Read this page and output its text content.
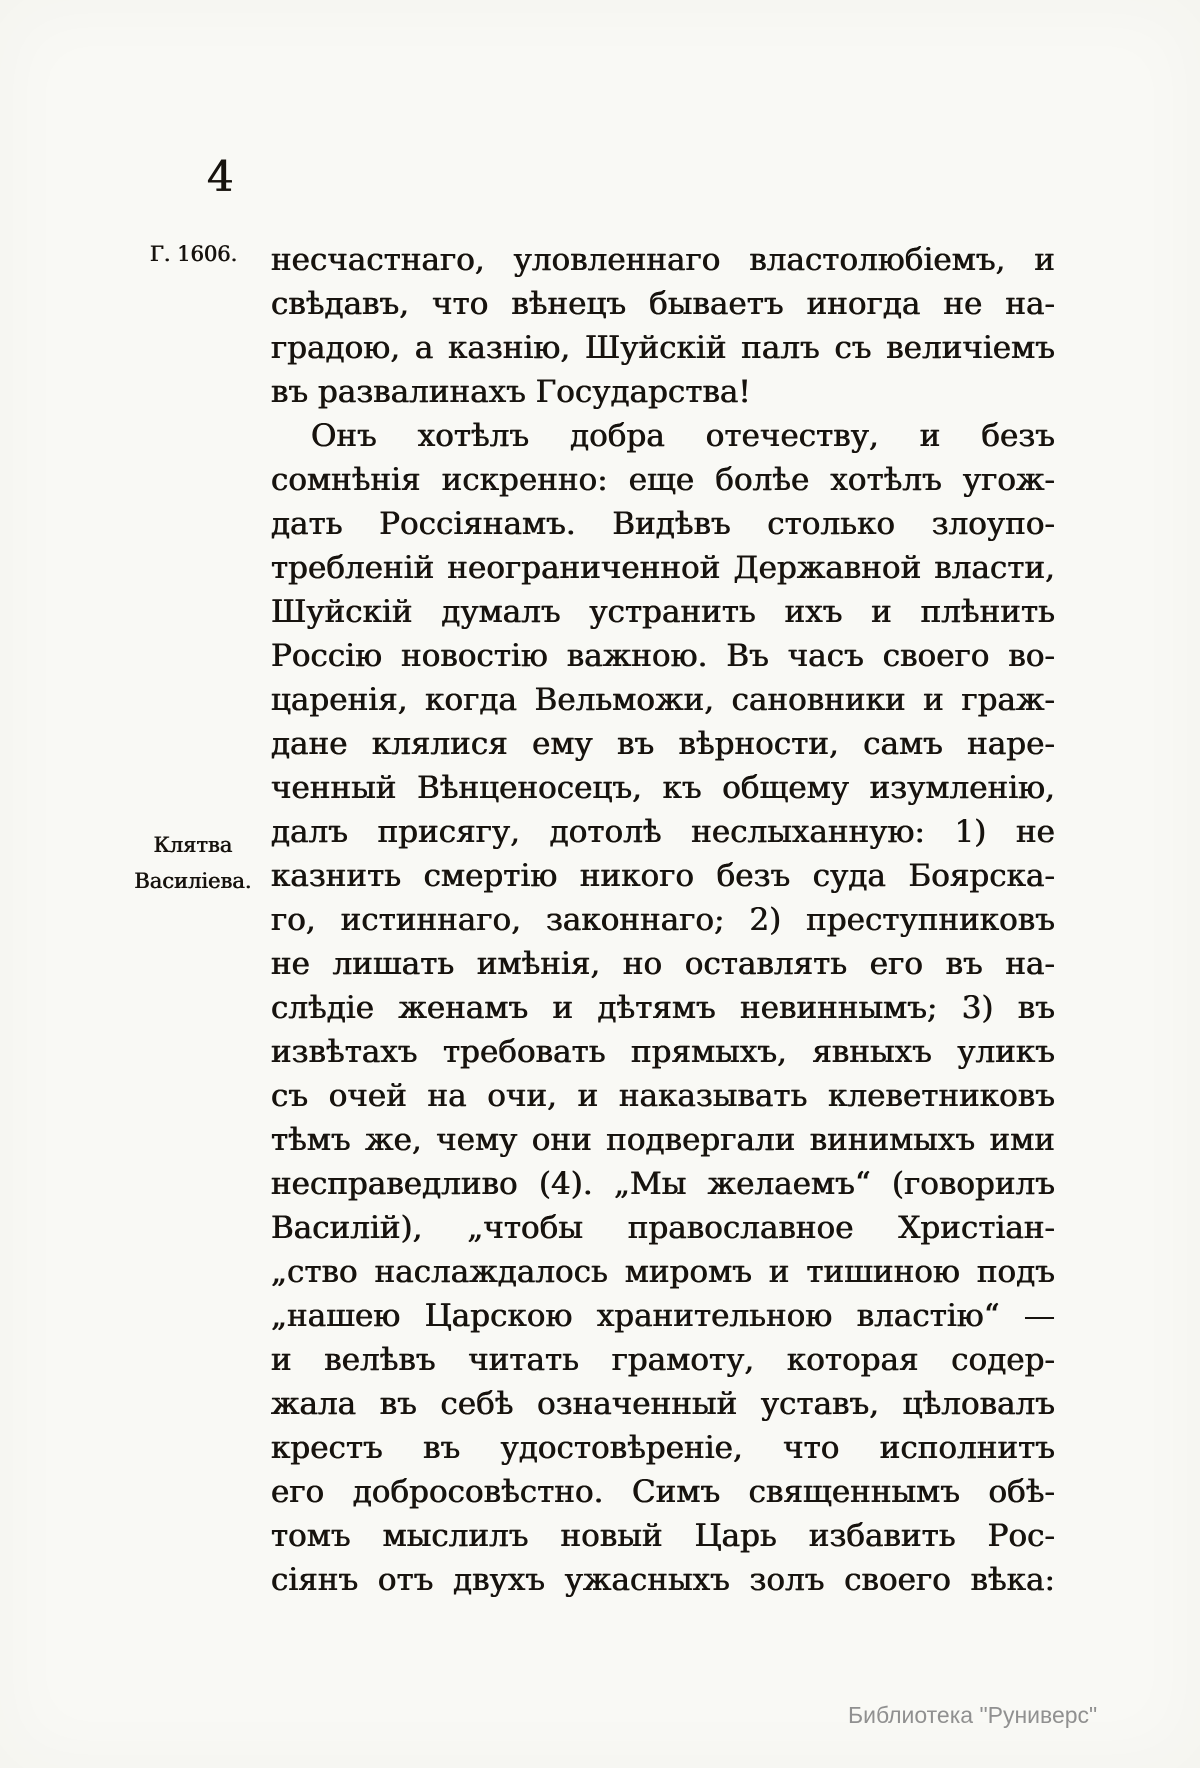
4
Г. 1606.
Клятва
Василіева.
несчастнаго, уловленнаго властолюбіемъ, и
свѣдавъ, что вѣнецъ бываетъ иногда не на-
градою, а казнію, Шуйскій палъ съ величіемъ
въ развалинахъ Государства!
Онъ хотѣлъ добра отечеству, и безъ
сомнѣнія искренно: еще болѣе хотѣлъ угож-
дать Россіянамъ. Видѣвъ столько злоупо-
требленій неограниченной Державной власти,
Шуйскій думалъ устранить ихъ и плѣнить
Россію новостію важною. Въ часъ своего во-
царенія, когда Вельможи, сановники и граж-
дане клялися ему въ вѣрности, самъ наре-
ченный Вѣнценосецъ, къ общему изумленію,
далъ присягу, дотолѣ неслыханную: 1) не
казнить смертію никого безъ суда Боярска-
го, истиннаго, законнаго; 2) преступниковъ
не лишать имѣнія, но оставлять его въ на-
слѣдіе женамъ и дѣтямъ невиннымъ; 3) въ
извѣтахъ требовать прямыхъ, явныхъ уликъ
съ очей на очи, и наказывать клеветниковъ
тѣмъ же, чему они подвергали винимыхъ ими
несправедливо (4). „Мы желаемъ“ (говорилъ
Василій), „чтобы православное Христіан-
„ство наслаждалось миромъ и тишиною подъ
„нашею Царскою хранительною властію“ —
и велѣвъ читать грамоту, которая содер-
жала въ себѣ означенный уставъ, цѣловалъ
крестъ въ удостовѣреніе, что исполнитъ
его добросовѣстно. Симъ священнымъ обѣ-
томъ мыслилъ новый Царь избавить Рос-
сіянъ отъ двухъ ужасныхъ золъ своего вѣка:
Библиотека "Руниверс"
